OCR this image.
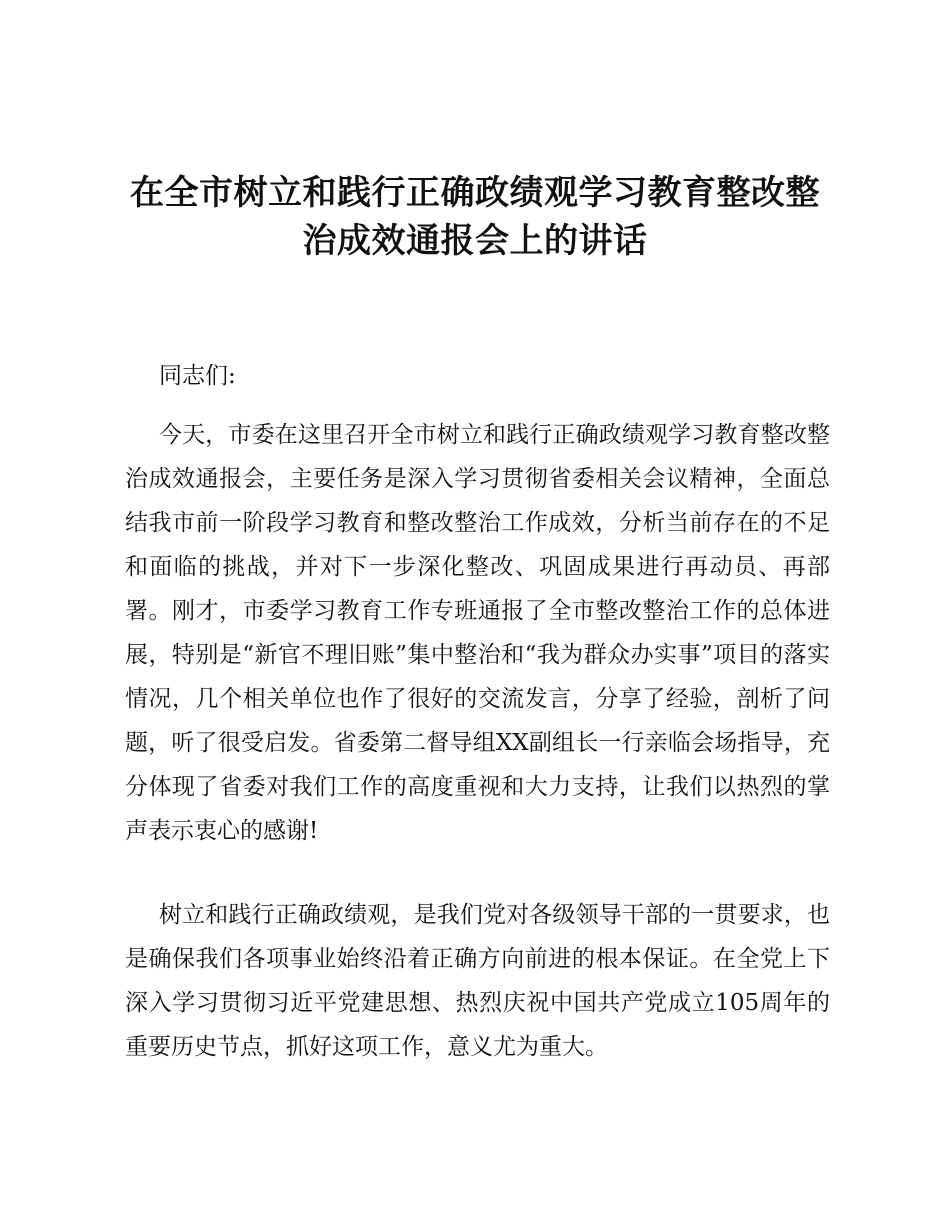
在全市树立和践行正确政绩观学习教育整改整
治成效通报会上的讲话
同志们:
今天，市委在这里召开全市树立和践行正确政绩观学习教育整改整治成效通报会，主要任务是深入学习贯彻省委相关会议精神，全面总结我市前一阶段学习教育和整改整治工作成效，分析当前存在的不足和面临的挑战，并对下一步深化整改、巩固成果进行再动员、再部署。刚才，市委学习教育工作专班通报了全市整改整治工作的总体进展，特别是“新官不理旧账”集中整治和“我为群众办实事”项目的落实情况，几个相关单位也作了很好的交流发言，分享了经验，剖析了问题，听了很受启发。省委第二督导组XX副组长一行亲临会场指导，充分体现了省委对我们工作的高度重视和大力支持，让我们以热烈的掌声表示衷心的感谢!
树立和践行正确政绩观，是我们党对各级领导干部的一贯要求，也是确保我们各项事业始终沿着正确方向前进的根本保证。在全党上下深入学习贯彻习近平党建思想、热烈庆祝中国共产党成立105周年的重要历史节点，抓好这项工作，意义尤为重大。
